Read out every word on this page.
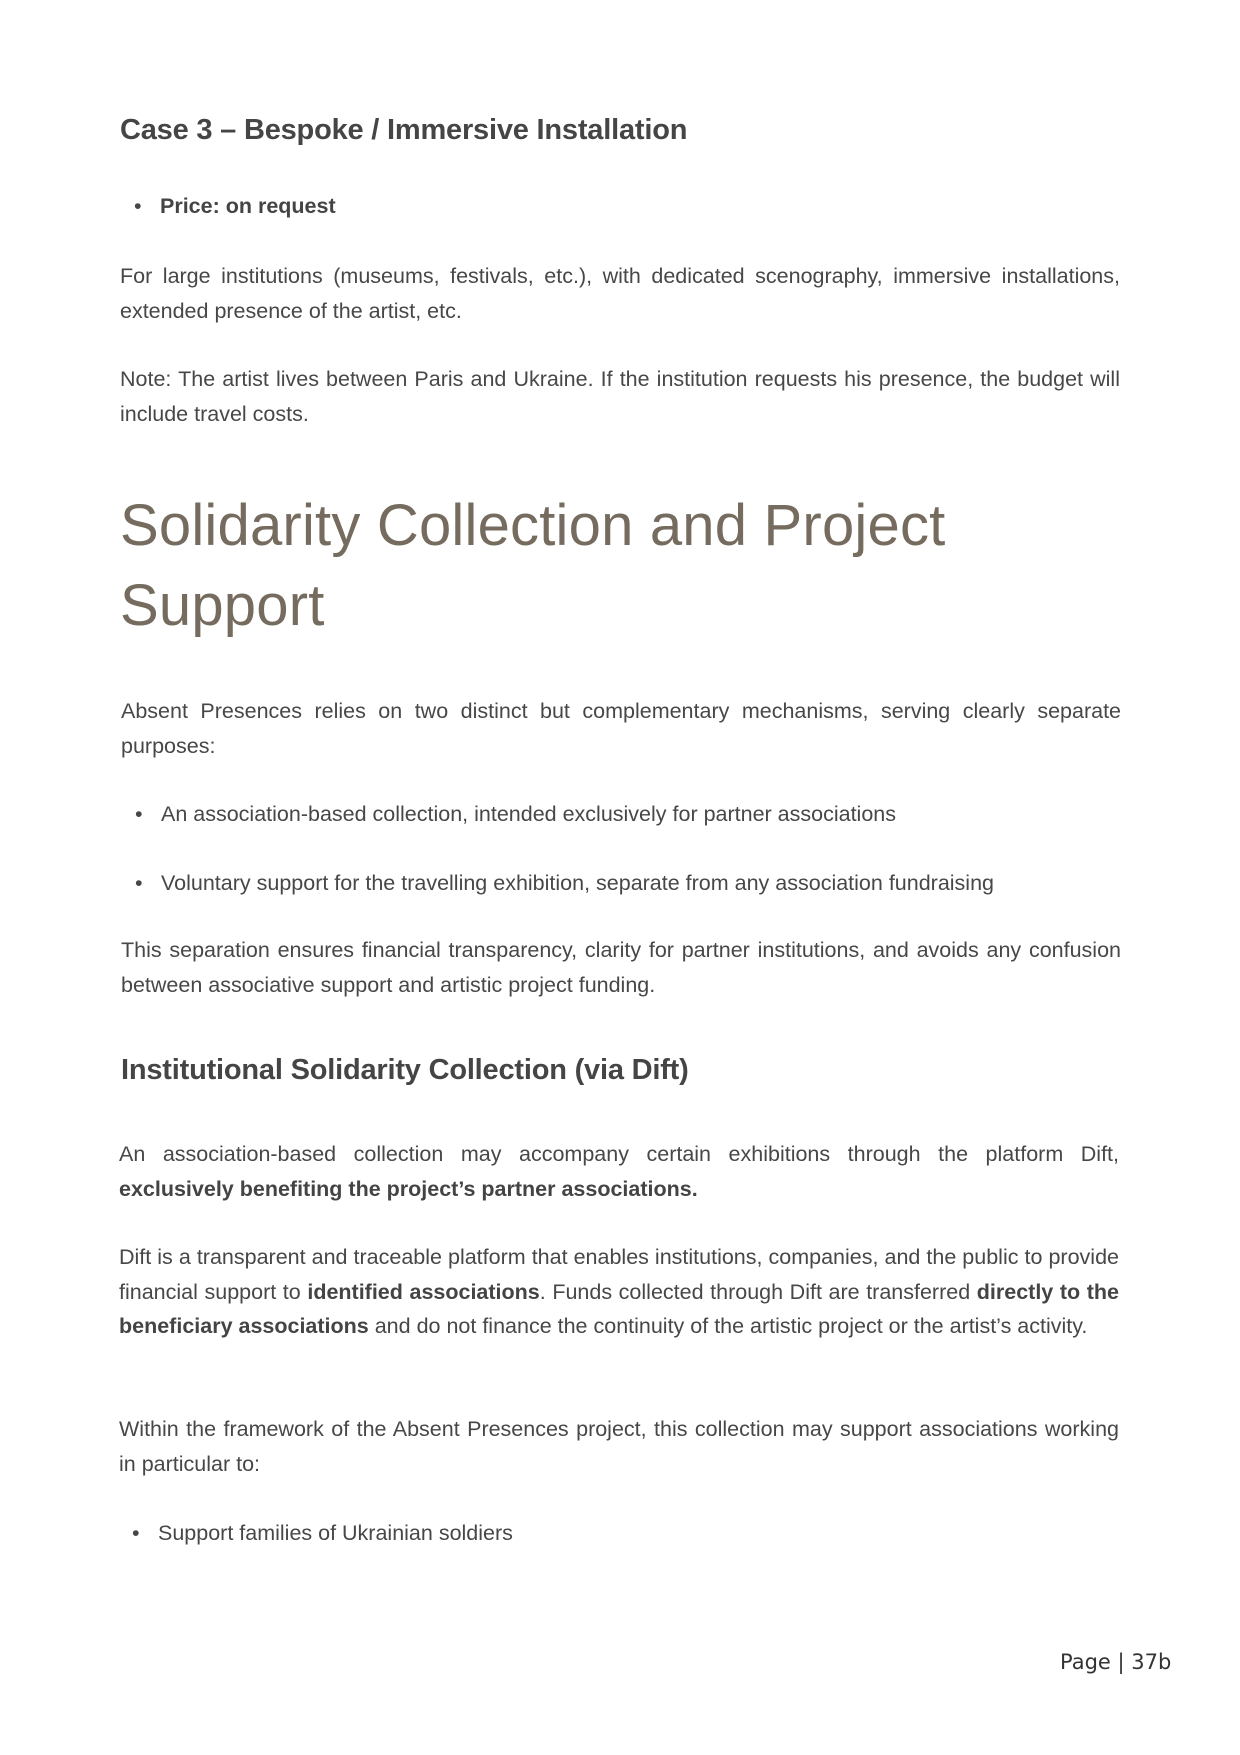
Case 3 – Bespoke / Immersive Installation
• Price: on request
For large institutions (museums, festivals, etc.), with dedicated scenography, immersive installations, extended presence of the artist, etc.
Note: The artist lives between Paris and Ukraine. If the institution requests his presence, the budget will include travel costs.
Solidarity Collection and Project Support
Absent Presences relies on two distinct but complementary mechanisms, serving clearly separate purposes:
• An association-based collection, intended exclusively for partner associations
• Voluntary support for the travelling exhibition, separate from any association fundraising
This separation ensures financial transparency, clarity for partner institutions, and avoids any confusion between associative support and artistic project funding.
Institutional Solidarity Collection (via Dift)
An association-based collection may accompany certain exhibitions through the platform Dift, exclusively benefiting the project’s partner associations.
Dift is a transparent and traceable platform that enables institutions, companies, and the public to provide financial support to identified associations. Funds collected through Dift are transferred directly to the beneficiary associations and do not finance the continuity of the artistic project or the artist’s activity.
Within the framework of the Absent Presences project, this collection may support associations working in particular to:
• Support families of Ukrainian soldiers
Page | 37b
